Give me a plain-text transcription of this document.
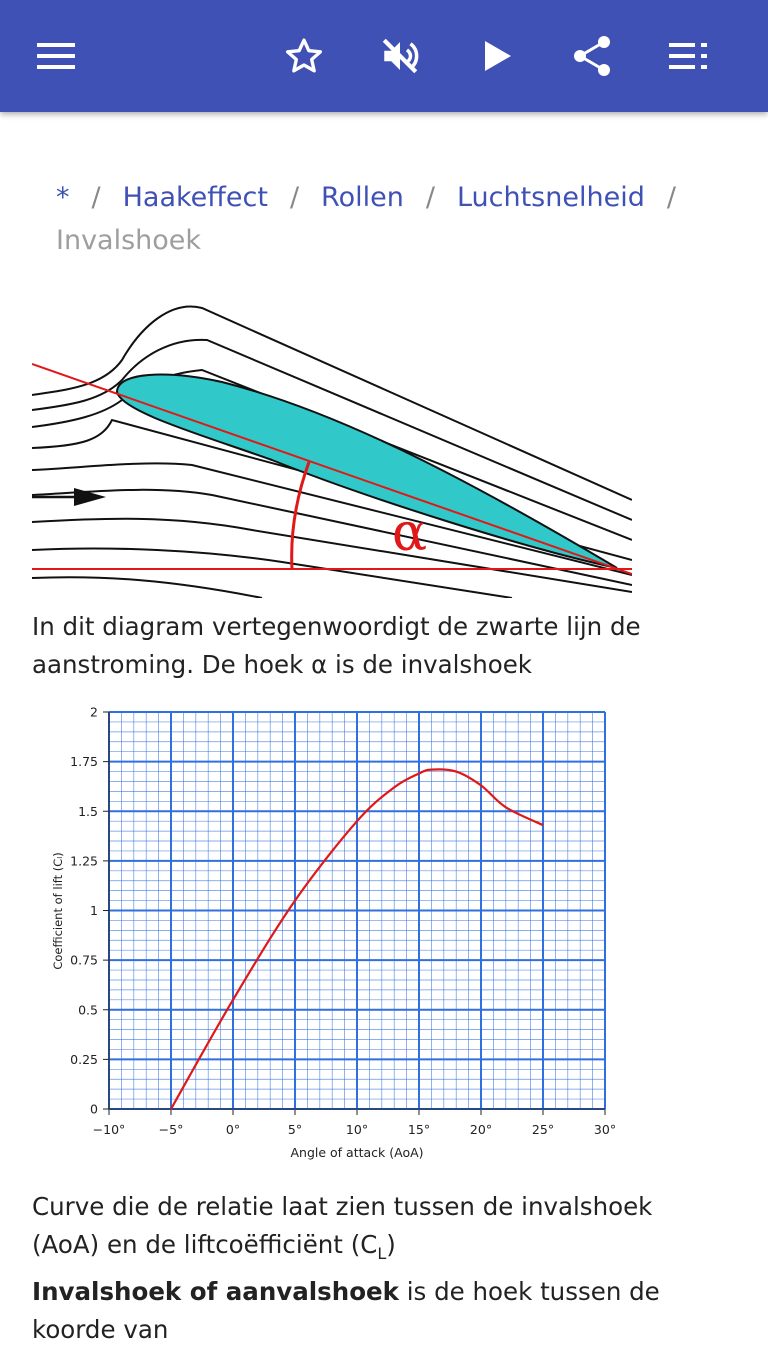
* / Haakeffect / Rollen / Luchtsnelheid /
Invalshoek
α
In dit diagram vertegenwoordigt de zwarte lijn de
aanstroming. De hoek α is de invalshoek
0
0.25
0.5
0.75
1
1.25
1.5
1.75
2
−10°	−5°	0°	5°	10°	15°	20°	25°	30°
Angle of attack (AoA)
Coefficient of lift (Cₗ)
Curve die de relatie laat zien tussen de invalshoek
(AoA) en de liftcoëfficiënt $(C_L)$
Invalshoek of aanvalshoek is de hoek tussen de koorde van
